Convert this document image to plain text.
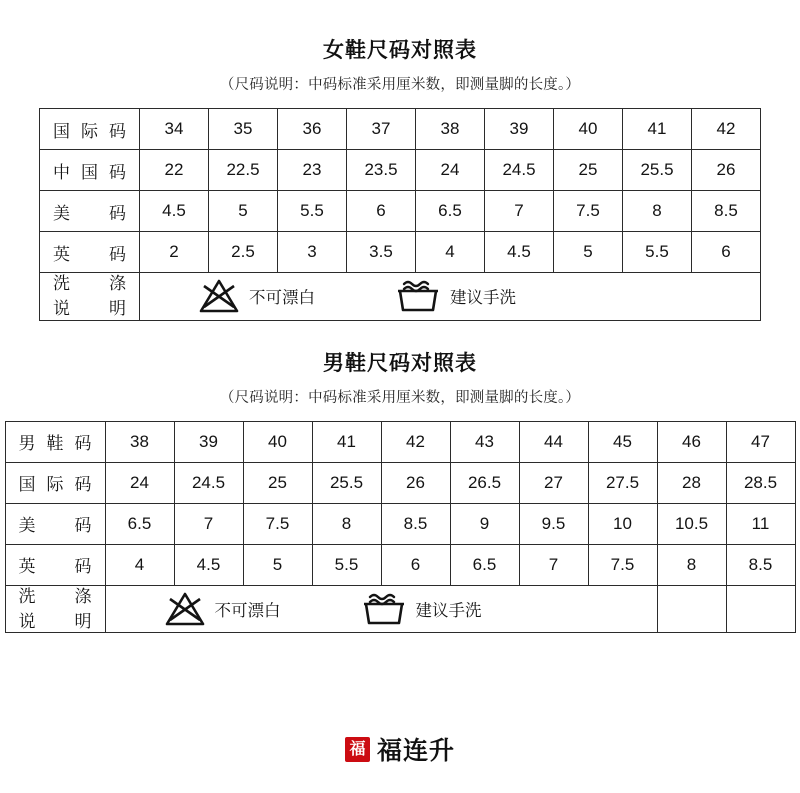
女鞋尺码对照表

（尺码说明：中码标准采用厘米数，即测量脚的长度。）

国 际 码	34	35	36	37	38	39	40	41	42

中 国 码	22	22.5	23	23.5	24	24.5	25	25.5	26

美 码	4.5	5	5.5	6	6.5	7	7.5	8	8.5

英 码	2	2.5	3	3.5	4	4.5	5	5.5	6

洗 涤
说 明

不可漂白	建议手洗
男鞋尺码对照表

（尺码说明：中码标准采用厘米数，即测量脚的长度。）

男 鞋 码	38	39	40	41	42	43	44	45	46	47

国 际 码	24	24.5	25	25.5	26	26.5	27	27.5	28	28.5

美 码	6.5	7	7.5	8	8.5	9	9.5	10	10.5	11

英 码	4	4.5	5	5.5	6	6.5	7	7.5	8	8.5

洗 涤
说 明

不可漂白	建议手洗

福 福连升
